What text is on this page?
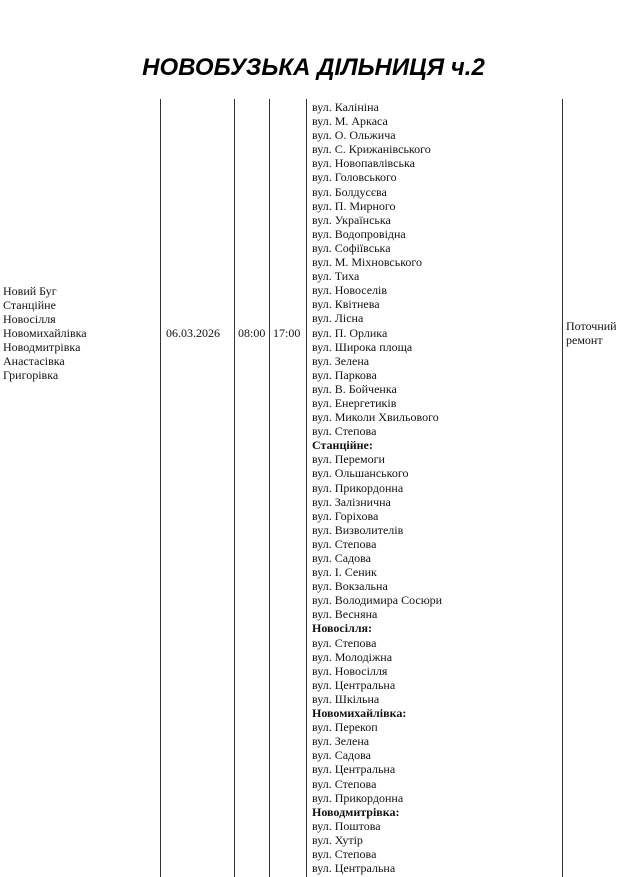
НОВОБУЗЬКА ДІЛЬНИЦЯ ч.2
Новий Буг
Станційне
Новосілля
Новомихайлівка
Новодмитрівка
Анастасівка
Григорівка
06.03.2026 08:00 17:00
вул. Калініна
вул. М. Аркаса
вул. О. Ольжича
вул. С. Крижанівського
вул. Новопавлівська
вул. Головського
вул. Болдусєва
вул. П. Мирного
вул. Українська
вул. Водопровідна
вул. Софіївська
вул. М. Міхновського
вул. Тиха
вул. Новоселів
вул. Квітнева
вул. Лісна
вул. П. Орлика
вул. Широка площа
вул. Зелена
вул. Паркова
вул. В. Бойченка
вул. Енергетиків
вул. Миколи Хвильового
вул. Степова
Станційне:
вул. Перемоги
вул. Ольшанського
вул. Прикордонна
вул. Залізнична
вул. Горіхова
вул. Визволителів
вул. Степова
вул. Садова
вул. І. Сеник
вул. Вокзальна
вул. Володимира Сосюри
вул. Весняна
Новосілля:
вул. Степова
вул. Молодіжна
вул. Новосілля
вул. Центральна
вул. Шкільна
Новомихайлівка:
вул. Перекоп
вул. Зелена
вул. Садова
вул. Центральна
вул. Степова
вул. Прикордонна
Новодмитрівка:
вул. Поштова
вул. Хутір
вул. Степова
вул. Центральна
Поточний
ремонт
